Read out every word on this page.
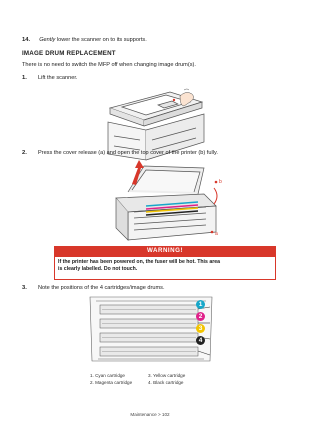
14. Gently lower the scanner on to its supports.
IMAGE DRUM REPLACEMENT
There is no need to switch the MFP off when changing image drum(s).
1. Lift the scanner.
2. Press the cover release (a) and open the top cover of the printer (b) fully.
b
a
WARNING!
If the printer has been powered on, the fuser will be hot. This area
is clearly labelled. Do not touch.
3. Note the positions of the 4 cartridges/image drums.
1
2
3
4
1. Cyan cartridge
2. Magenta cartridge
3. Yellow cartridge
4. Black cartridge
Maintenance > 102
